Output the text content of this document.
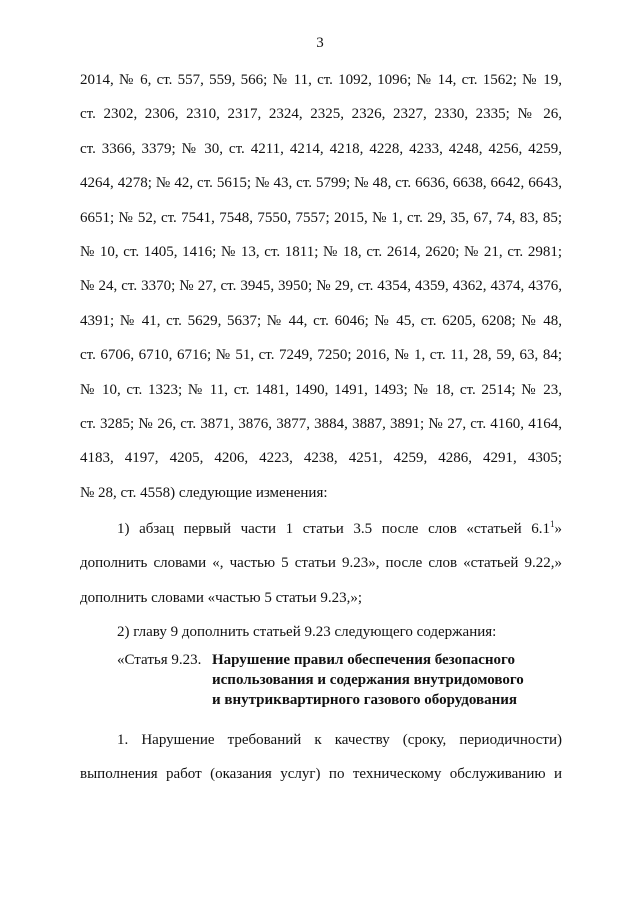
3
2014, № 6, ст. 557, 559, 566; № 11, ст. 1092, 1096; № 14, ст. 1562; № 19,
ст. 2302, 2306, 2310, 2317, 2324, 2325, 2326, 2327, 2330, 2335; № 26,
ст. 3366, 3379; № 30, ст. 4211, 4214, 4218, 4228, 4233, 4248, 4256, 4259,
4264, 4278; № 42, ст. 5615; № 43, ст. 5799; № 48, ст. 6636, 6638, 6642, 6643,
6651; № 52, ст. 7541, 7548, 7550, 7557; 2015, № 1, ст. 29, 35, 67, 74, 83, 85;
№ 10, ст. 1405, 1416; № 13, ст. 1811; № 18, ст. 2614, 2620; № 21, ст. 2981;
№ 24, ст. 3370; № 27, ст. 3945, 3950; № 29, ст. 4354, 4359, 4362, 4374, 4376,
4391; № 41, ст. 5629, 5637; № 44, ст. 6046; № 45, ст. 6205, 6208; № 48,
ст. 6706, 6710, 6716; № 51, ст. 7249, 7250; 2016, № 1, ст. 11, 28, 59, 63, 84;
№ 10, ст. 1323; № 11, ст. 1481, 1490, 1491, 1493; № 18, ст. 2514; № 23,
ст. 3285; № 26, ст. 3871, 3876, 3877, 3884, 3887, 3891; № 27, ст. 4160, 4164,
4183, 4197, 4205, 4206, 4223, 4238, 4251, 4259, 4286, 4291, 4305;
№ 28, ст. 4558) следующие изменения:
1) абзац первый части 1 статьи 3.5 после слов «статьей $6.1^1$»
дополнить словами «, частью 5 статьи 9.23», после слов «статьей 9.22,»
дополнить словами «частью 5 статьи 9.23,»;
2) главу 9 дополнить статьей 9.23 следующего содержания:
«Статья 9.23. Нарушение правил обеспечения безопасного
использования и содержания внутридомового
и внутриквартирного газового оборудования
1. Нарушение требований к качеству (сроку, периодичности)
выполнения работ (оказания услуг) по техническому обслуживанию и
